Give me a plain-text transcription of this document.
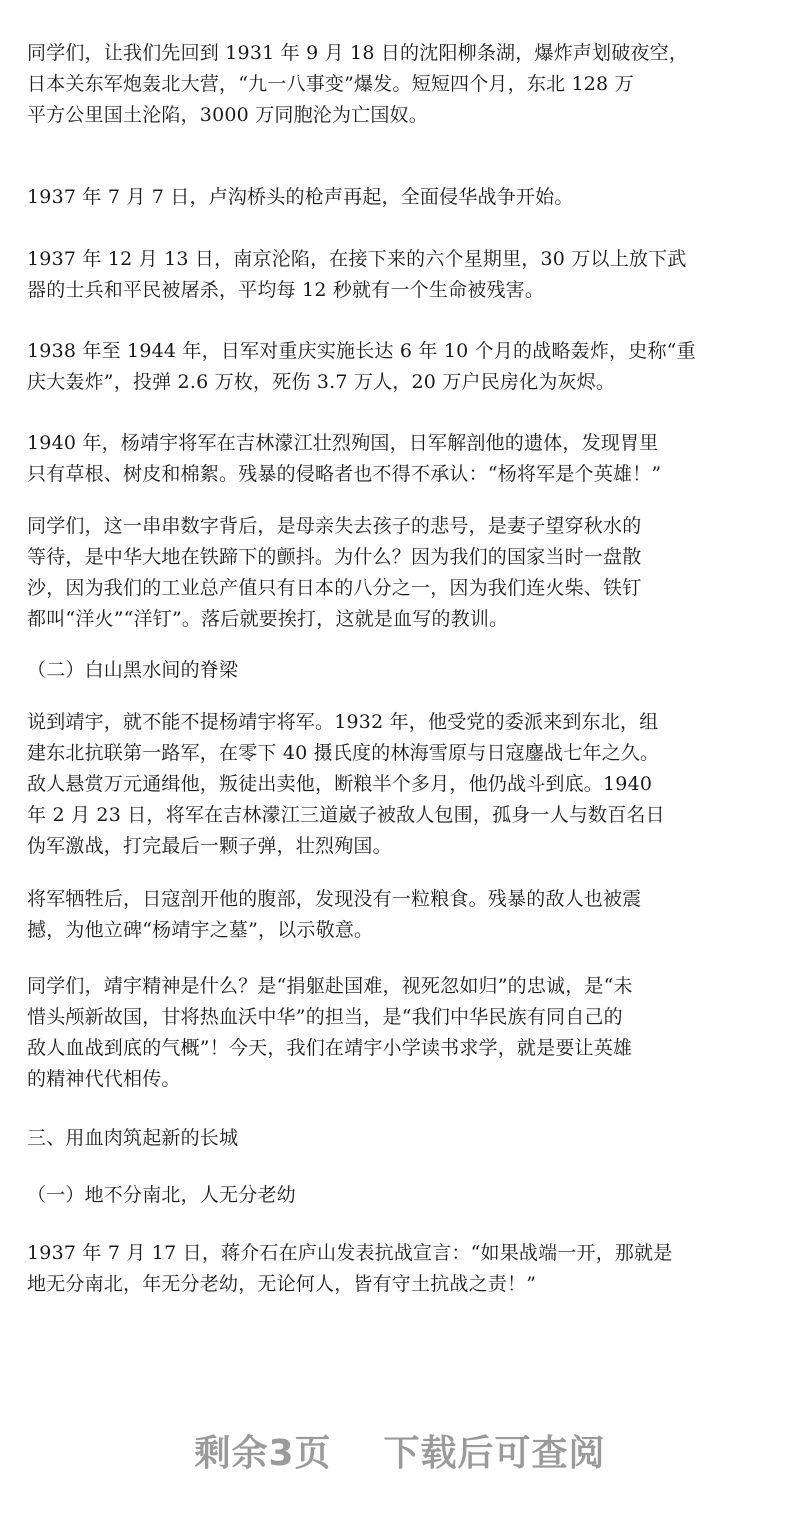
同学们，让我们先回到 1931 年 9 月 18 日的沈阳柳条湖，爆炸声划破夜空，
日本关东军炮轰北大营，“九一八事变”爆发。短短四个月，东北 128 万
平方公里国土沦陷，3000 万同胞沦为亡国奴。
1937 年 7 月 7 日，卢沟桥头的枪声再起，全面侵华战争开始。
1937 年 12 月 13 日，南京沦陷，在接下来的六个星期里，30 万以上放下武
器的士兵和平民被屠杀，平均每 12 秒就有一个生命被残害。
1938 年至 1944 年，日军对重庆实施长达 6 年 10 个月的战略轰炸，史称“重
庆大轰炸”，投弹 2.6 万枚，死伤 3.7 万人，20 万户民房化为灰烬。
1940 年，杨靖宇将军在吉林濛江壮烈殉国，日军解剖他的遗体，发现胃里
只有草根、树皮和棉絮。残暴的侵略者也不得不承认：“杨将军是个英雄！”
同学们，这一串串数字背后，是母亲失去孩子的悲号，是妻子望穿秋水的
等待，是中华大地在铁蹄下的颤抖。为什么？因为我们的国家当时一盘散
沙，因为我们的工业总产值只有日本的八分之一，因为我们连火柴、铁钉
都叫“洋火”“洋钉”。落后就要挨打，这就是血写的教训。
（二）白山黑水间的脊梁
说到靖宇，就不能不提杨靖宇将军。1932 年，他受党的委派来到东北，组
建东北抗联第一路军，在零下 40 摄氏度的林海雪原与日寇鏖战七年之久。
敌人悬赏万元通缉他，叛徒出卖他，断粮半个多月，他仍战斗到底。1940
年 2 月 23 日，将军在吉林濛江三道崴子被敌人包围，孤身一人与数百名日
伪军激战，打完最后一颗子弹，壮烈殉国。
将军牺牲后，日寇剖开他的腹部，发现没有一粒粮食。残暴的敌人也被震
撼，为他立碑“杨靖宇之墓”，以示敬意。
同学们，靖宇精神是什么？是“捐躯赴国难，视死忽如归”的忠诚，是“未
惜头颅新故国，甘将热血沃中华”的担当，是“我们中华民族有同自己的
敌人血战到底的气概”！今天，我们在靖宇小学读书求学，就是要让英雄
的精神代代相传。
三、用血肉筑起新的长城
（一）地不分南北，人无分老幼
1937 年 7 月 17 日，蒋介石在庐山发表抗战宣言：“如果战端一开，那就是
地无分南北，年无分老幼，无论何人，皆有守土抗战之责！”
剩余3页 下载后可查阅
